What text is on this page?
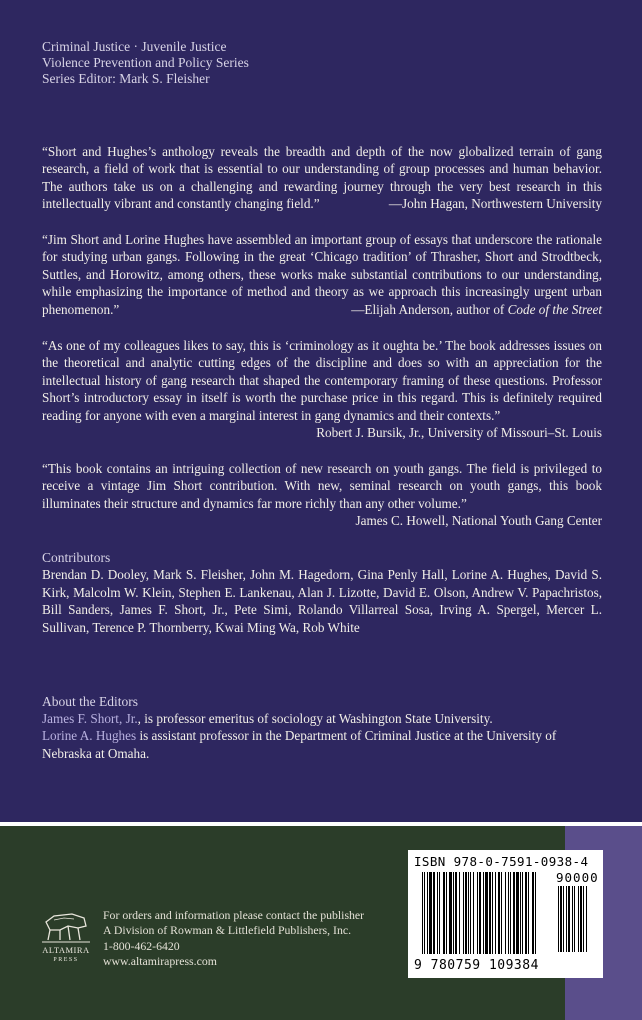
Criminal Justice · Juvenile Justice
Violence Prevention and Policy Series
Series Editor: Mark S. Fleisher

“Short and Hughes’s anthology reveals the breadth and depth of the now globalized terrain of gang research, a field of work that is essential to our understanding of group processes and human behavior. The authors take us on a challenging and rewarding journey through the very best research in this intellectually vibrant and constantly changing field.”	—John Hagan, Northwestern University

“Jim Short and Lorine Hughes have assembled an important group of essays that underscore the rationale for studying urban gangs. Following in the great ‘Chicago tradition’ of Thrasher, Short and Strodtbeck, Suttles, and Horowitz, among others, these works make substantial contributions to our understanding, while emphasizing the importance of method and theory as we approach this increasingly urgent urban phenomenon.”	—Elijah Anderson, author of Code of the Street

“As one of my colleagues likes to say, this is ‘criminology as it oughta be.’ The book addresses issues on the theoretical and analytic cutting edges of the discipline and does so with an appreciation for the intellectual history of gang research that shaped the contemporary framing of these questions. Professor Short’s introductory essay in itself is worth the purchase price in this regard. This is definitely required reading for anyone with even a marginal interest in gang dynamics and their contexts.”

Robert J. Bursik, Jr., University of Missouri–St. Louis

“This book contains an intriguing collection of new research on youth gangs. The field is privileged to receive a vintage Jim Short contribution. With new, seminal research on youth gangs, this book illuminates their structure and dynamics far more richly than any other volume.”

James C. Howell, National Youth Gang Center
Contributors

Brendan D. Dooley, Mark S. Fleisher, John M. Hagedorn, Gina Penly Hall, Lorine A. Hughes, David S. Kirk, Malcolm W. Klein, Stephen E. Lankenau, Alan J. Lizotte, David E. Olson, Andrew V. Papachristos, Bill Sanders, James F. Short, Jr., Pete Simi, Rolando Villarreal Sosa, Irving A. Spergel, Mercer L. Sullivan, Terence P. Thornberry, Kwai Ming Wa, Rob White

About the Editors

James F. Short, Jr., is professor emeritus of sociology at Washington State University.

Lorine A. Hughes is assistant professor in the Department of Criminal Justice at the University of Nebraska at Omaha.

ISBN 978-0-7591-0938-4
90000
9 780759 109384
ALTAMIRA
PRESS
For orders and information please contact the publisher
A Division of Rowman & Littlefield Publishers, Inc.
1-800-462-6420
www.altamirapress.com
